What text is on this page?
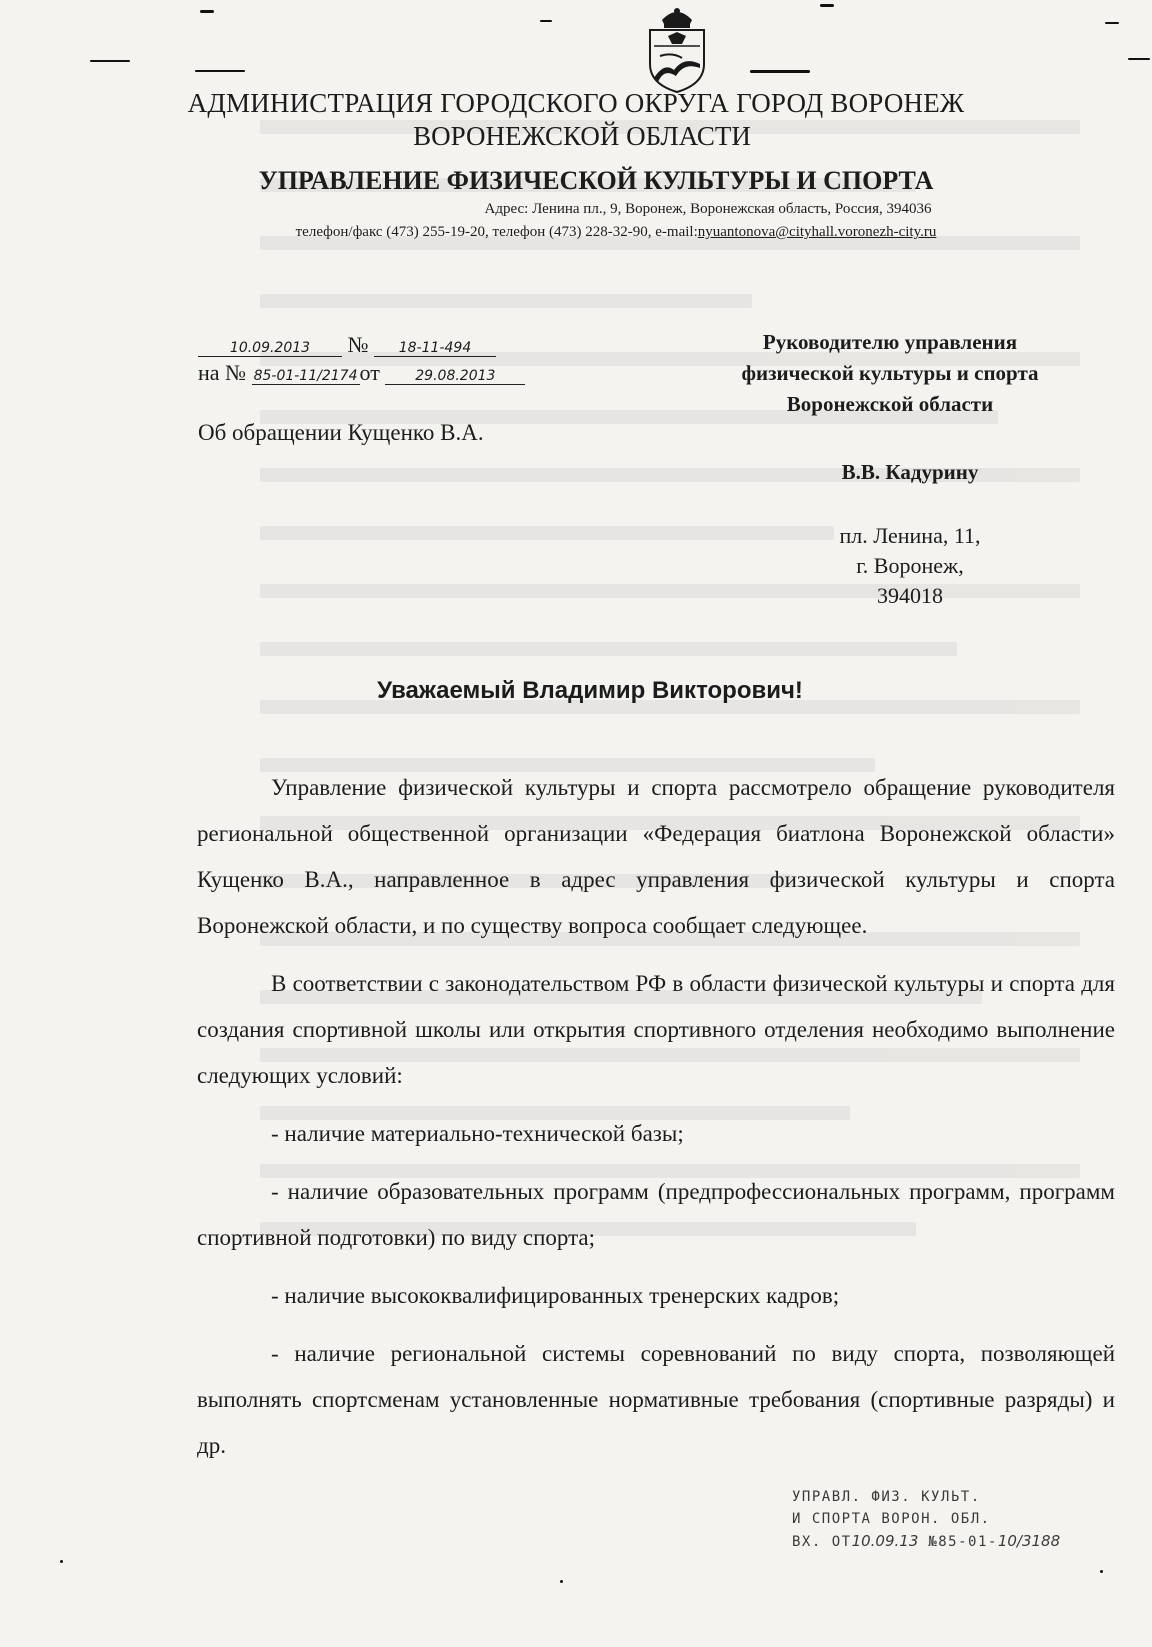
АДМИНИСТРАЦИЯ ГОРОДСКОГО ОКРУГА ГОРОД ВОРОНЕЖ
ВОРОНЕЖСКОЙ ОБЛАСТИ
УПРАВЛЕНИЕ ФИЗИЧЕСКОЙ КУЛЬТУРЫ И СПОРТА
Адрес: Ленина пл., 9, Воронеж, Воронежская область, Россия, 394036
телефон/факс (473) 255-19-20, телефон (473) 228-32-90, e-mail:nyuantonova@cityhall.voronezh-city.ru
10.09.2013 № 18-11-494
на № 85-01-11/2174от	29.08.2013
Об обращении Кущенко В.А.
Руководителю управления
физической культуры и спорта
Воронежской области
В.В. Кадурину
пл. Ленина, 11,
г. Воронеж,
394018
Уважаемый Владимир Викторович!

Управление физической культуры и спорта рассмотрело обращение руководителя региональной общественной организации «Федерация биатлона Воронежской области» Кущенко В.А., направленное в адрес управления физической культуры и спорта Воронежской области, и по существу вопроса сообщает следующее.

В соответствии с законодательством РФ в области физической культуры и спорта для создания спортивной школы или открытия спортивного отделения необходимо выполнение следующих условий:

- наличие материально-технической базы;

- наличие образовательных программ (предпрофессиональных программ, программ спортивной подготовки) по виду спорта;

- наличие высококвалифицированных тренерских кадров;

- наличие региональной системы соревнований по виду спорта, позволяющей выполнять спортсменам установленные нормативные требования (спортивные разряды) и др.

УПРАВЛ. ФИЗ. КУЛЬТ.
И СПОРТА ВОРОН. ОБЛ.
ВХ. ОТ10.09.13 №85-01-10/3188
